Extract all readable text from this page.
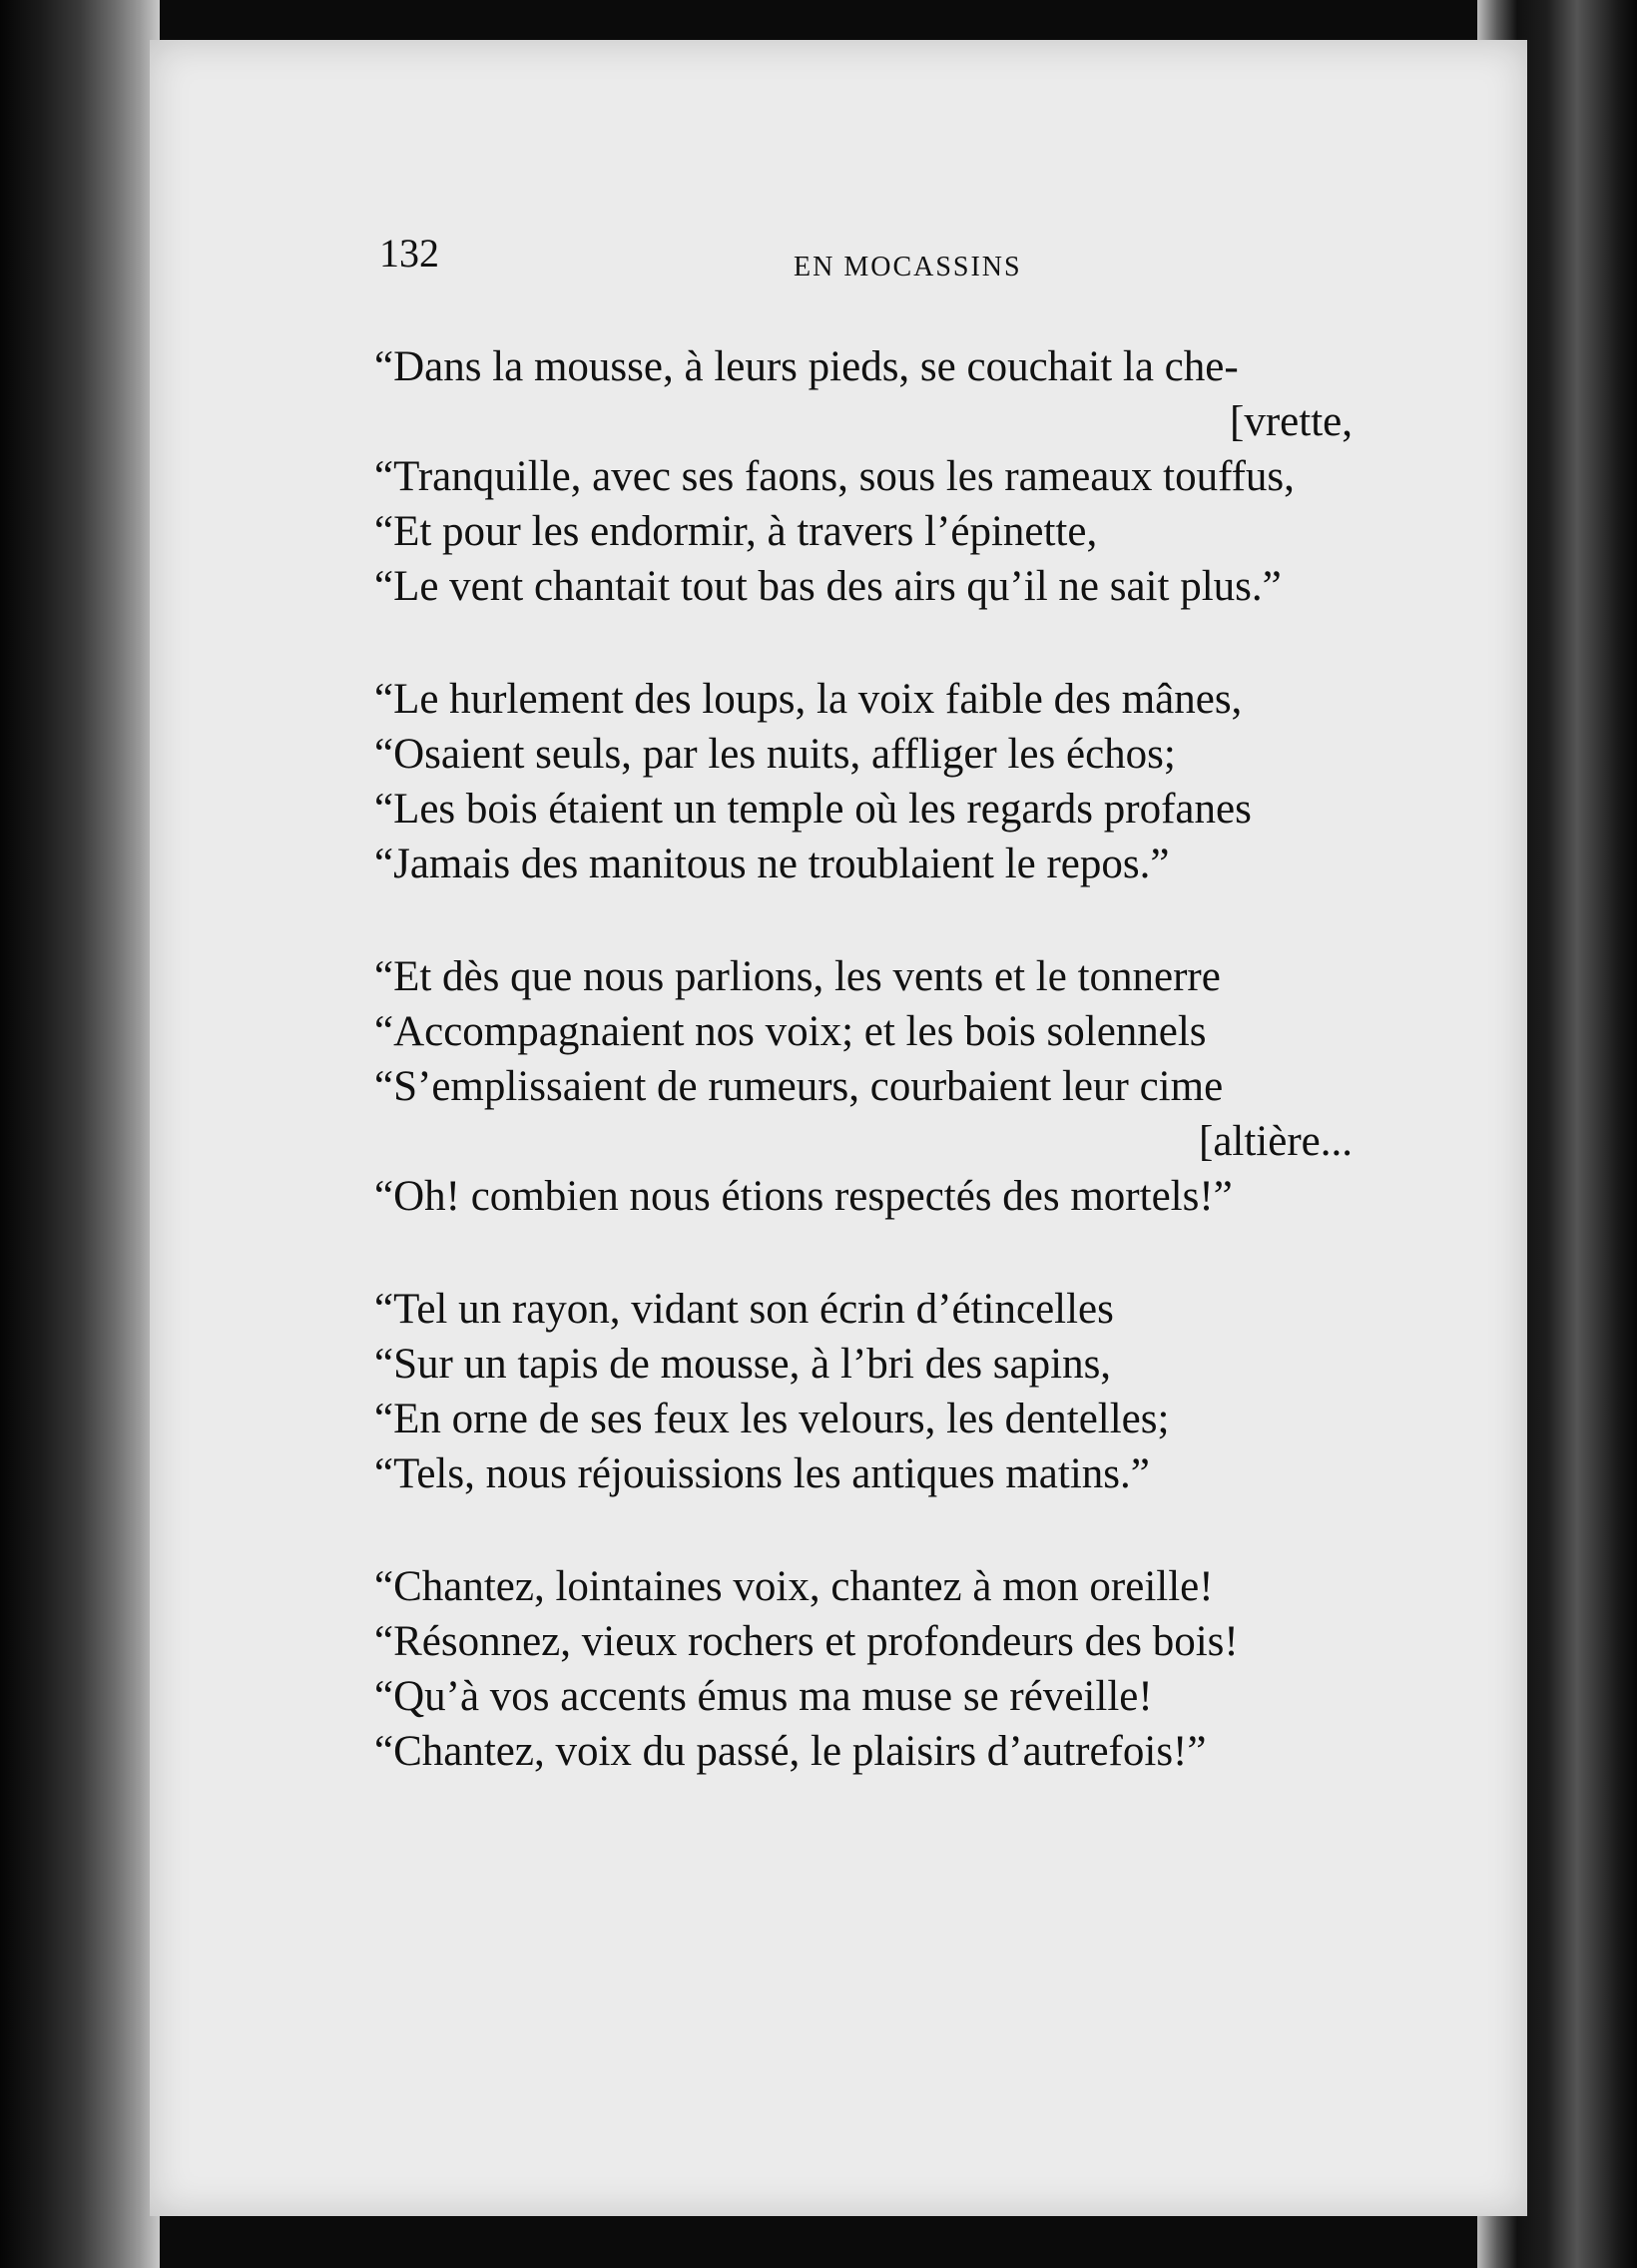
132	EN MOCASSINS
“Dans la mousse, à leurs pieds, se couchait la che-
[vrette,
“Tranquille, avec ses faons, sous les rameaux touffus,
“Et pour les endormir, à travers l’épinette,
“Le vent chantait tout bas des airs qu’il ne sait plus.”
“Le hurlement des loups, la voix faible des mânes,
“Osaient seuls, par les nuits, affliger les échos;
“Les bois étaient un temple où les regards profanes
“Jamais des manitous ne troublaient le repos.”
“Et dès que nous parlions, les vents et le tonnerre
“Accompagnaient nos voix; et les bois solennels
“S’emplissaient de rumeurs, courbaient leur cime
[altière...
“Oh! combien nous étions respectés des mortels!”
“Tel un rayon, vidant son écrin d’étincelles
“Sur un tapis de mousse, à l’bri des sapins,
“En orne de ses feux les velours, les dentelles;
“Tels, nous réjouissions les antiques matins.”
“Chantez, lointaines voix, chantez à mon oreille!
“Résonnez, vieux rochers et profondeurs des bois!
“Qu’à vos accents émus ma muse se réveille!
“Chantez, voix du passé, le plaisirs d’autrefois!”
